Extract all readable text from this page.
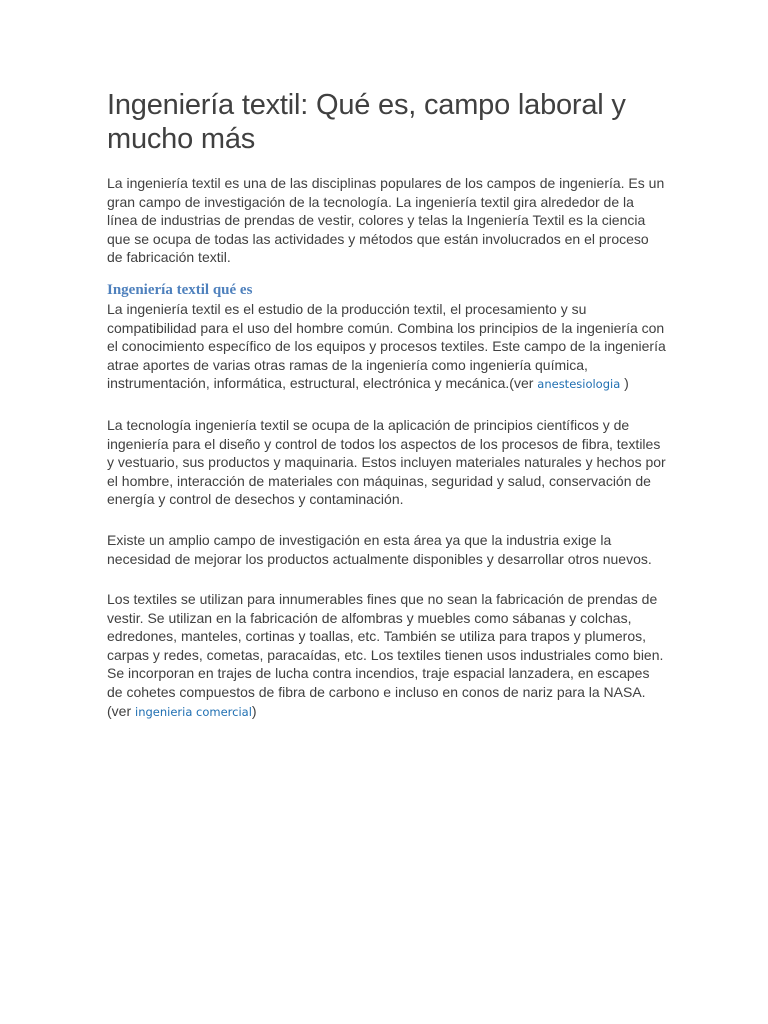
Ingeniería textil: Qué es, campo laboral y mucho más

La ingeniería textil es una de las disciplinas populares de los campos de ingeniería. Es un gran campo de investigación de la tecnología. La ingeniería textil gira alrededor de la línea de industrias de prendas de vestir, colores y telas la Ingeniería Textil es la ciencia que se ocupa de todas las actividades y métodos que están involucrados en el proceso de fabricación textil.

Ingeniería textil qué es

La ingeniería textil es el estudio de la producción textil, el procesamiento y su compatibilidad para el uso del hombre común. Combina los principios de la ingeniería con el conocimiento específico de los equipos y procesos textiles. Este campo de la ingeniería atrae aportes de varias otras ramas de la ingeniería como ingeniería química, instrumentación, informática, estructural, electrónica y mecánica.(ver anestesiologia )

La tecnología ingeniería textil se ocupa de la aplicación de principios científicos y de ingeniería para el diseño y control de todos los aspectos de los procesos de fibra, textiles y vestuario, sus productos y maquinaria. Estos incluyen materiales naturales y hechos por el hombre, interacción de materiales con máquinas, seguridad y salud, conservación de energía y control de desechos y contaminación.

Existe un amplio campo de investigación en esta área ya que la industria exige la necesidad de mejorar los productos actualmente disponibles y desarrollar otros nuevos.

Los textiles se utilizan para innumerables fines que no sean la fabricación de prendas de vestir. Se utilizan en la fabricación de alfombras y muebles como sábanas y colchas, edredones, manteles, cortinas y toallas, etc. También se utiliza para trapos y plumeros, carpas y redes, cometas, paracaídas, etc. Los textiles tienen usos industriales como bien. Se incorporan en trajes de lucha contra incendios, traje espacial lanzadera, en escapes de cohetes compuestos de fibra de carbono e incluso en conos de nariz para la NASA. (ver ingenieria comercial)
